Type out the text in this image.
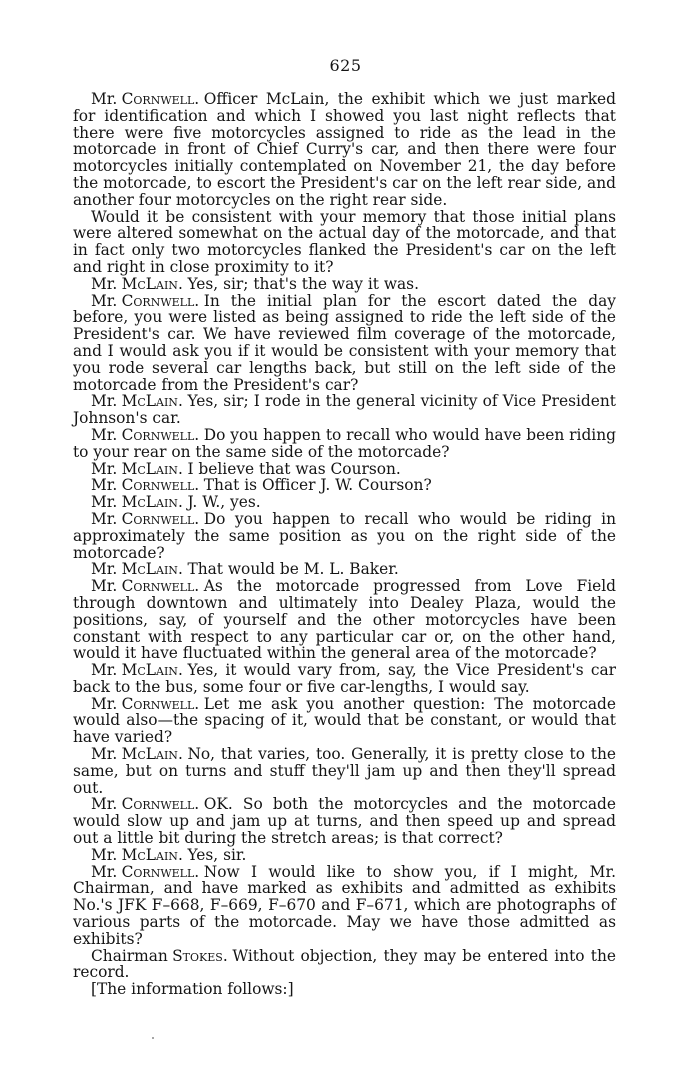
625

Mr. Cornwell. Officer McLain, the exhibit which we just marked for identification and which I showed you last night reflects that there were five motorcycles assigned to ride as the lead in the motorcade in front of Chief Curry's car, and then there were four motorcycles initially contemplated on November 21, the day before the motorcade, to escort the President's car on the left rear side, and another four motorcycles on the right rear side.

Would it be consistent with your memory that those initial plans were altered somewhat on the actual day of the motorcade, and that in fact only two motorcycles flanked the President's car on the left and right in close proximity to it?

Mr. McLain. Yes, sir; that's the way it was.

Mr. Cornwell. In the initial plan for the escort dated the day before, you were listed as being assigned to ride the left side of the President's car. We have reviewed film coverage of the motorcade, and I would ask you if it would be consistent with your memory that you rode several car lengths back, but still on the left side of the motorcade from the President's car?

Mr. McLain. Yes, sir; I rode in the general vicinity of Vice President Johnson's car.

Mr. Cornwell. Do you happen to recall who would have been riding to your rear on the same side of the motorcade?

Mr. McLain. I believe that was Courson.

Mr. Cornwell. That is Officer J. W. Courson?

Mr. McLain. J. W., yes.

Mr. Cornwell. Do you happen to recall who would be riding in approximately the same position as you on the right side of the motorcade?

Mr. McLain. That would be M. L. Baker.

Mr. Cornwell. As the motorcade progressed from Love Field through downtown and ultimately into Dealey Plaza, would the positions, say, of yourself and the other motorcycles have been constant with respect to any particular car or, on the other hand, would it have fluctuated within the general area of the motorcade?

Mr. McLain. Yes, it would vary from, say, the Vice President's car back to the bus, some four or five car-lengths, I would say.

Mr. Cornwell. Let me ask you another question: The motorcade would also—the spacing of it, would that be constant, or would that have varied?

Mr. McLain. No, that varies, too. Generally, it is pretty close to the same, but on turns and stuff they'll jam up and then they'll spread out.

Mr. Cornwell. OK. So both the motorcycles and the motorcade would slow up and jam up at turns, and then speed up and spread out a little bit during the stretch areas; is that correct?

Mr. McLain. Yes, sir.

Mr. Cornwell. Now I would like to show you, if I might, Mr. Chairman, and have marked as exhibits and admitted as exhibits No.'s JFK F–668, F–669, F–670 and F–671, which are photographs of various parts of the motorcade. May we have those admitted as exhibits?

Chairman Stokes. Without objection, they may be entered into the record.

[The information follows:]
